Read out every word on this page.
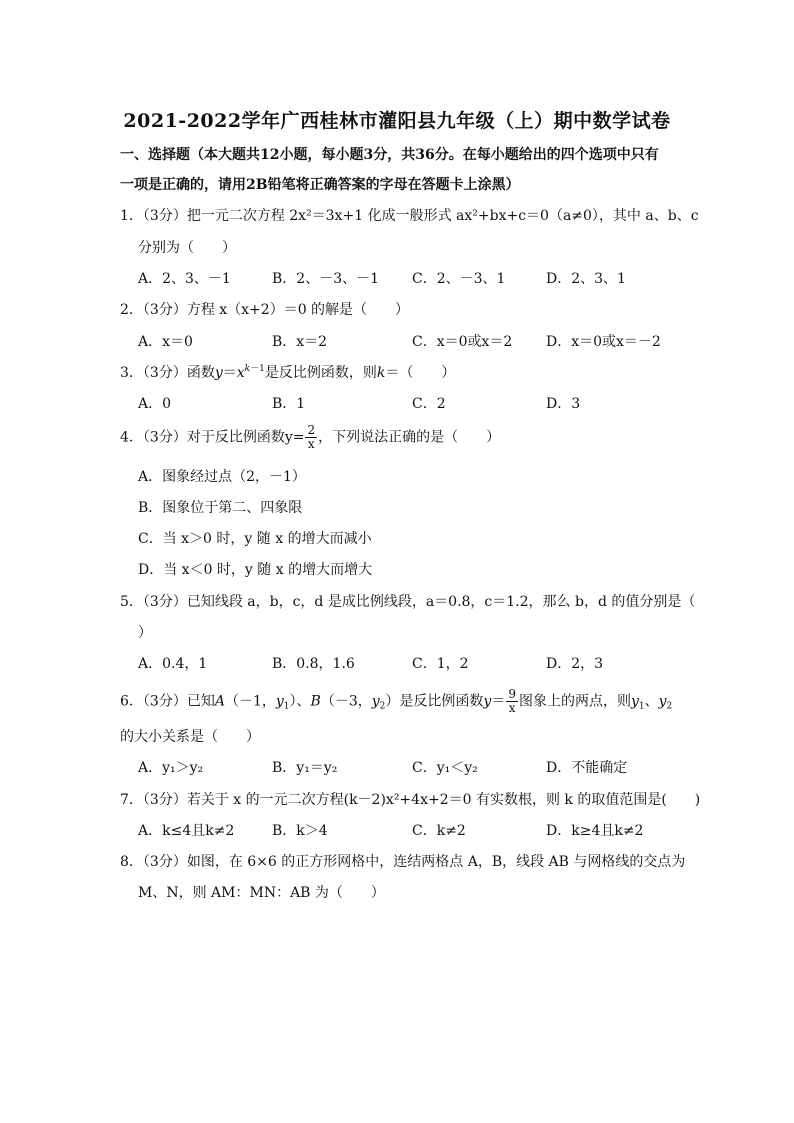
2021-2022学年广西桂林市灌阳县九年级（上）期中数学试卷
一、选择题（本大题共12小题，每小题3分，共36分。在每小题给出的四个选项中只有
一项是正确的，请用2B铅笔将正确答案的字母在答题卡上涂黑）
1．（3分）把一元二次方程 2x²＝3x+1 化成一般形式 ax²+bx+c＝0（a≠0），其中 a、b、c
分别为（　　）
A．2、3、－1	B．2、－3、－1 C．2、－3、1	D．2、3、1
2．（3分）方程 x（x+2）＝0 的解是（　　）
A．x＝0	B．x＝2	C．x＝0或x＝2 D．x＝0或x＝－2
3．（3分）函数$y=x^{k-1}$是反比例函数，则k＝（　　）
A．0	B．1	C．2	D．3
4．（3分）对于反比例函数$y= \frac{2}{x}$ ，下列说法正确的是（　　）
A．图象经过点（2，－1）
B．图象位于第二、四象限
C．当 x＞0 时，y 随 x 的增大而减小
D．当 x＜0 时，y 随 x 的增大而增大
5．（3分）已知线段 a，b，c，d 是成比例线段，a＝0.8，c＝1.2，那么 b，d 的值分别是（
）
A．0.4，1	B．0.8，1.6	C．1，2	D．2，3
6．（3分）已知A（－1，$y_1$）、B（－3，$y_2$）是反比例函数$y= \frac{9}{x}$ 图象上的两点，则$y_1$、$y_2$
的大小关系是（　　）
A．y₁＞y₂	B．y₁＝y₂	C．y₁＜y₂	D．不能确定
7．（3分）若关于 x 的一元二次方程(k－2)x²+4x+2＝0 有实数根，则 k 的取值范围是(　　)
A．k≤4且k≠2	B．k＞4	C．k≠2	D．k≥4且k≠2
8．（3分）如图，在 6×6 的正方形网格中，连结两格点 A，B，线段 AB 与网格线的交点为
M、N，则 AM：MN：AB 为（　　）
